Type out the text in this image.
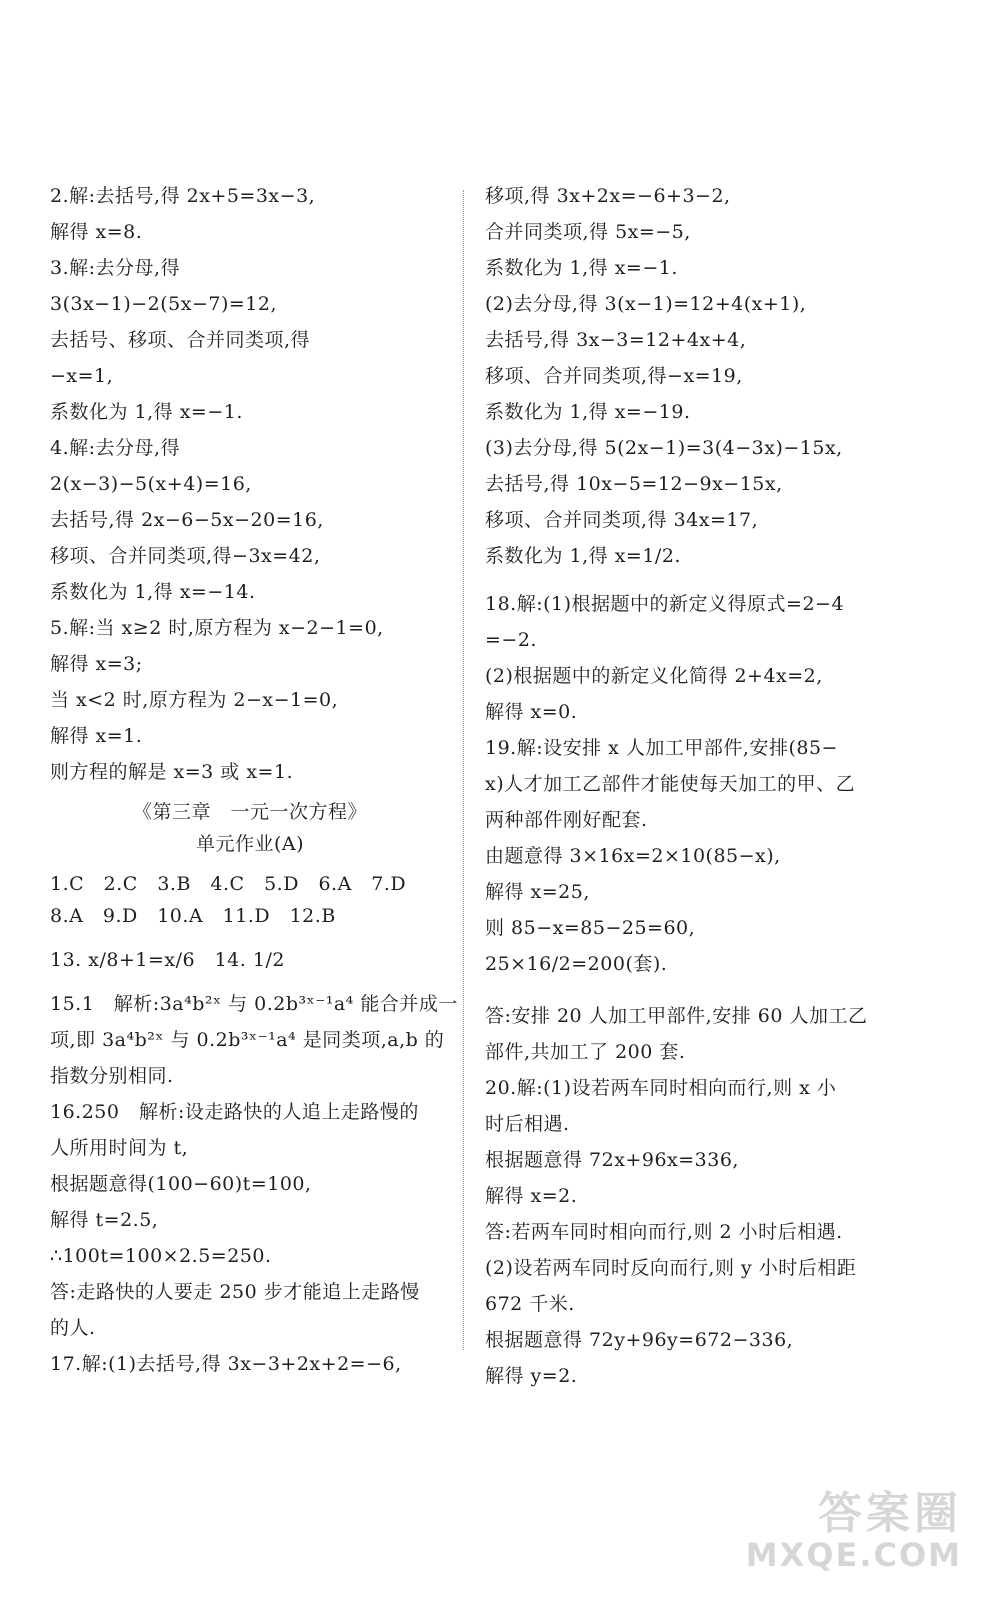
2.解:去括号,得 2x+5=3x−3,
解得 x=8.
3.解:去分母,得
3(3x−1)−2(5x−7)=12,
去括号、移项、合并同类项,得
−x=1,
系数化为 1,得 x=−1.
4.解:去分母,得
2(x−3)−5(x+4)=16,
去括号,得 2x−6−5x−20=16,
移项、合并同类项,得−3x=42,
系数化为 1,得 x=−14.
5.解:当 x≥2 时,原方程为 x−2−1=0,
解得 x=3;
当 x<2 时,原方程为 2−x−1=0,
解得 x=1.
则方程的解是 x=3 或 x=1.
《第三章　一元一次方程》
单元作业(A)
1.C　2.C　3.B　4.C　5.D　6.A　7.D
8.A　9.D　10.A　11.D　12.B
13. x/8+1=x/6　14. 1/2
15.1　解析:3a⁴b²ˣ 与 0.2b³ˣ⁻¹a⁴ 能合并成一
项,即 3a⁴b²ˣ 与 0.2b³ˣ⁻¹a⁴ 是同类项,a,b 的
指数分别相同.
16.250　解析:设走路快的人追上走路慢的
人所用时间为 t,
根据题意得(100−60)t=100,
解得 t=2.5,
∴100t=100×2.5=250.
答:走路快的人要走 250 步才能追上走路慢
的人.
17.解:(1)去括号,得 3x−3+2x+2=−6,
移项,得 3x+2x=−6+3−2,
合并同类项,得 5x=−5,
系数化为 1,得 x=−1.
(2)去分母,得 3(x−1)=12+4(x+1),
去括号,得 3x−3=12+4x+4,
移项、合并同类项,得−x=19,
系数化为 1,得 x=−19.
(3)去分母,得 5(2x−1)=3(4−3x)−15x,
去括号,得 10x−5=12−9x−15x,
移项、合并同类项,得 34x=17,
系数化为 1,得 x=1/2.
18.解:(1)根据题中的新定义得原式=2−4
=−2.
(2)根据题中的新定义化简得 2+4x=2,
解得 x=0.
19.解:设安排 x 人加工甲部件,安排(85−
x)人才加工乙部件才能使每天加工的甲、乙
两种部件刚好配套.
由题意得 3×16x=2×10(85−x),
解得 x=25,
则 85−x=85−25=60,
25×16/2=200(套).
答:安排 20 人加工甲部件,安排 60 人加工乙
部件,共加工了 200 套.
20.解:(1)设若两车同时相向而行,则 x 小
时后相遇.
根据题意得 72x+96x=336,
解得 x=2.
答:若两车同时相向而行,则 2 小时后相遇.
(2)设若两车同时反向而行,则 y 小时后相距
672 千米.
根据题意得 72y+96y=672−336,
解得 y=2.
答案圈
MXQE.COM
